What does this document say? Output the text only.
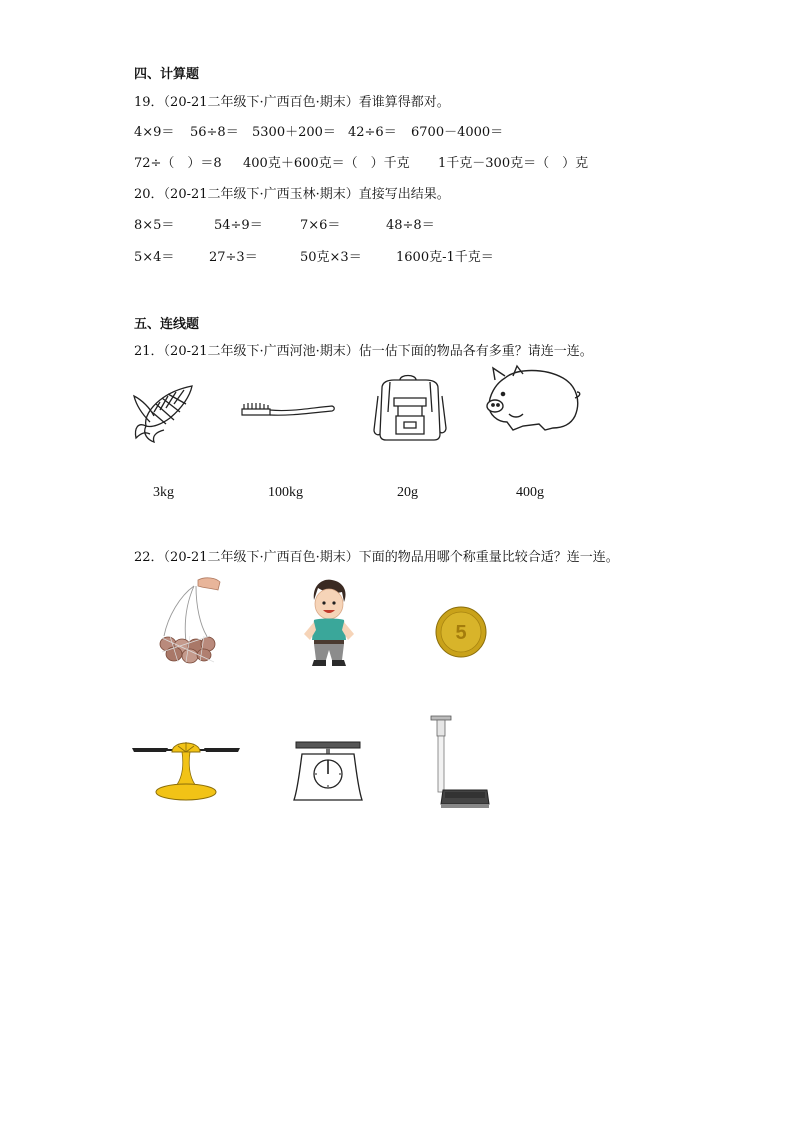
四、计算题
19．（20-21二年级下·广西百色·期末）看谁算得都对。
4×9＝ 56÷8＝ 5300＋200＝ 42÷6＝ 6700－4000＝
72÷（　）＝8 400克＋600克＝（　）千克 1千克－300克＝（　）克
20．（20-21二年级下·广西玉林·期末）直接写出结果。
8×5＝	54÷9＝	7×6＝	48÷8＝
5×4＝	27÷3＝	50克×3＝	1600克-1千克＝
五、连线题
21．（20-21二年级下·广西河池·期末）估一估下面的物品各有多重？请连一连。
3kg	100kg	20g	400g
22．（20-21二年级下·广西百色·期末）下面的物品用哪个称重量比较合适？连一连。
5
